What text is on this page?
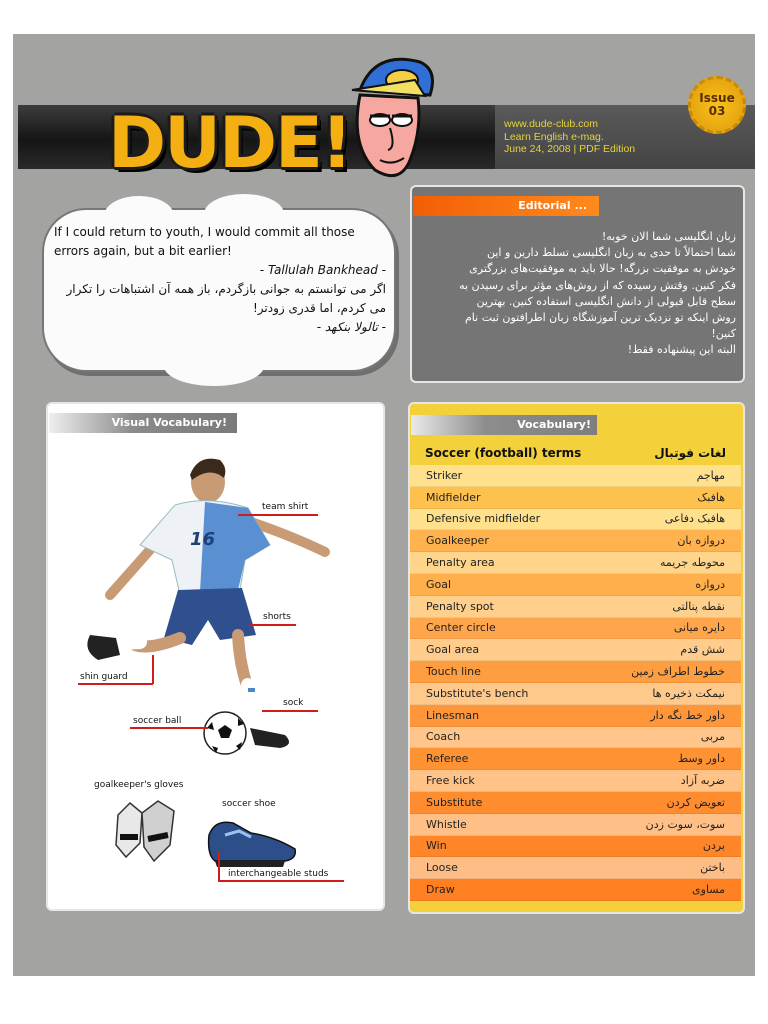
DUDE!	www.dude-club.com
Learn English e-mag.
June 24, 2008 | PDF Edition
Issue
03
If I could return to youth, I would commit all those errors again, but a bit earlier!
- Tallulah Bankhead -
اگر می توانستم به جوانی بازگردم، باز همه آن اشتباهات را تکرار می کردم، اما قدری زودتر!
- تالولا بنکهد -
Editorial ...
زبان انگلیسی شما الان خوبه!
شما احتمالاً تا حدی به زبان انگلیسی تسلط دارین و این
خودش به موفقیت بزرگه! حالا باید به موفقیت‌های بزرگتری
فکر کنین. وقتش رسیده که از روش‌های مؤثر برای رسیدن به
سطح قابل قبولی از دانش انگلیسی استفاده کنین. بهترین
روش اینکه تو نزدیک ترین آموزشگاه زبان اطرافتون ثبت نام
کنین!
البته این پیشنهاده فقط!
Visual Vocabulary!
16
team shirt
shorts
shin guard
sock
soccer ball
goalkeeper's gloves
soccer shoe
interchangeable studs
Vocabulary!
Soccer (football) terms	لغات فوتبال
Striker	مهاجم
Midfielder	هافبک
Defensive midfielder	هافبک دفاعی
Goalkeeper	دروازه بان
Penalty area	محوطه جریمه
Goal	دروازه
Penalty spot	نقطه پنالتی
Center circle	دایره میانی
Goal area	شش قدم
Touch line	خطوط اطراف زمین
Substitute's bench	نیمکت ذخیره ها
Linesman	داور خط نگه دار
Coach	مربی
Referee	داور وسط
Free kick	ضربه آزاد
Substitute	تعویض کردن
Whistle	سوت، سوت زدن
Win	بردن
Loose	باختن
Draw	مساوی
